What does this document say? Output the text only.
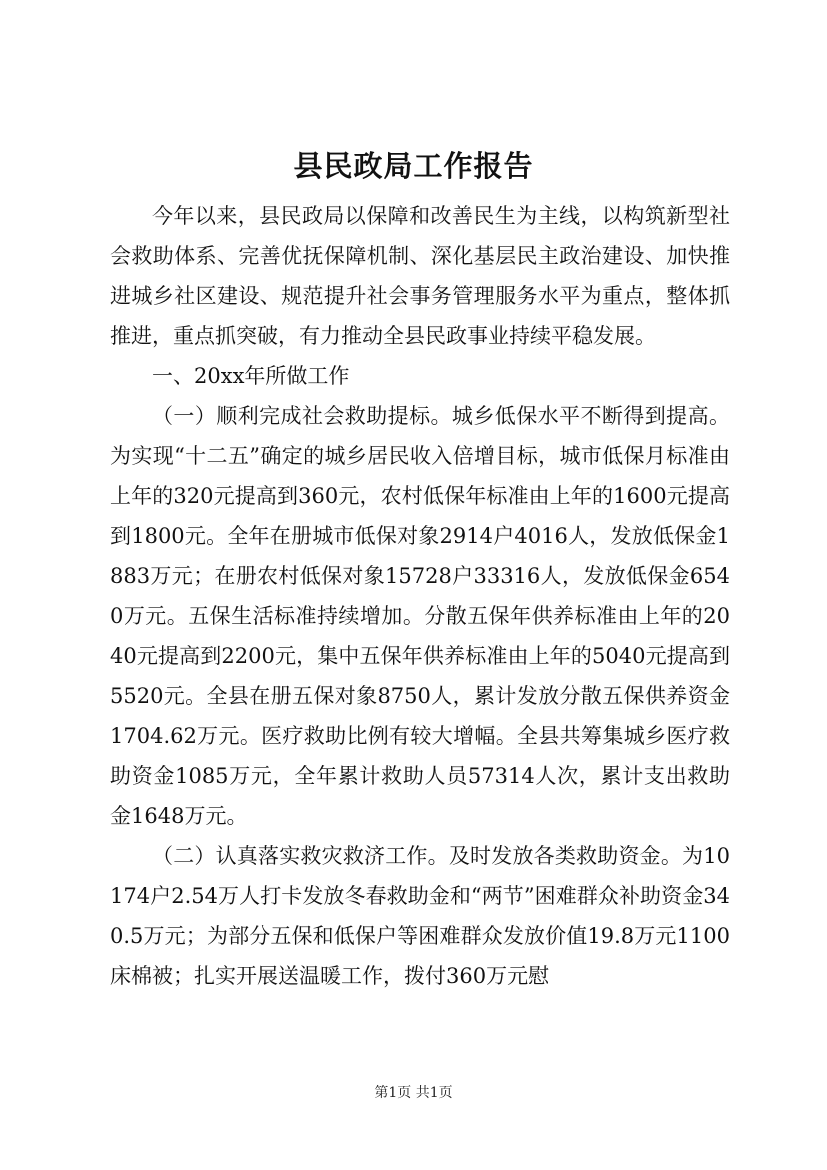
县民政局工作报告

今年以来，县民政局以保障和改善民生为主线，以构筑新型社会救助体系、完善优抚保障机制、深化基层民主政治建设、加快推进城乡社区建设、规范提升社会事务管理服务水平为重点，整体抓推进，重点抓突破，有力推动全县民政事业持续平稳发展。

一、20xx年所做工作

（一）顺利完成社会救助提标。城乡低保水平不断得到提高。为实现“十二五”确定的城乡居民收入倍增目标，城市低保月标准由上年的320元提高到360元，农村低保年标准由上年的1600元提高到1800元。全年在册城市低保对象2914户4016人，发放低保金1883万元；在册农村低保对象15728户33316人，发放低保金6540万元。五保生活标准持续增加。分散五保年供养标准由上年的2040元提高到2200元，集中五保年供养标准由上年的5040元提高到5520元。全县在册五保对象8750人，累计发放分散五保供养资金1704.62万元。医疗救助比例有较大增幅。全县共筹集城乡医疗救助资金1085万元，全年累计救助人员57314人次，累计支出救助金1648万元。

（二）认真落实救灾救济工作。及时发放各类救助资金。为10174户2.54万人打卡发放冬春救助金和“两节”困难群众补助资金340.5万元；为部分五保和低保户等困难群众发放价值19.8万元1100床棉被；扎实开展送温暖工作，拨付360万元慰

第1页 共1页
